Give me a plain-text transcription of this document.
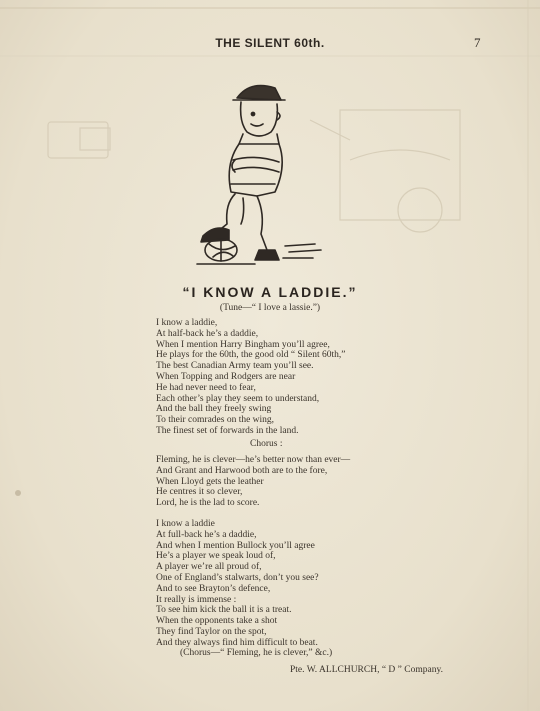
THE SILENT 60th.	7
“I KNOW A LADDIE.”
(Tune—“ I love a lassie.”)
I know a laddie,
At half-back he’s a daddie,
When I mention Harry Bingham you’ll agree,
He plays for the 60th, the good old “ Silent 60th,”
The best Canadian Army team you’ll see.
When Topping and Rodgers are near
He had never need to fear,
Each other’s play they seem to understand,
And the ball they freely swing
To their comrades on the wing,
The finest set of forwards in the land.
Chorus :
Fleming, he is clever—he’s better now than ever—
And Grant and Harwood both are to the fore,
When Lloyd gets the leather
He centres it so clever,
Lord, he is the lad to score.
I know a laddie
At full-back he’s a daddie,
And when I mention Bullock you’ll agree
He’s a player we speak loud of,
A player we’re all proud of,
One of England’s stalwarts, don’t you see?
And to see Brayton’s defence,
It really is immense :
To see him kick the ball it is a treat.
When the opponents take a shot
They find Taylor on the spot,
And they always find him difficult to beat.
(Chorus—“ Fleming, he is clever,” &c.)
Pte. W. ALLCHURCH, “ D ” Company.
